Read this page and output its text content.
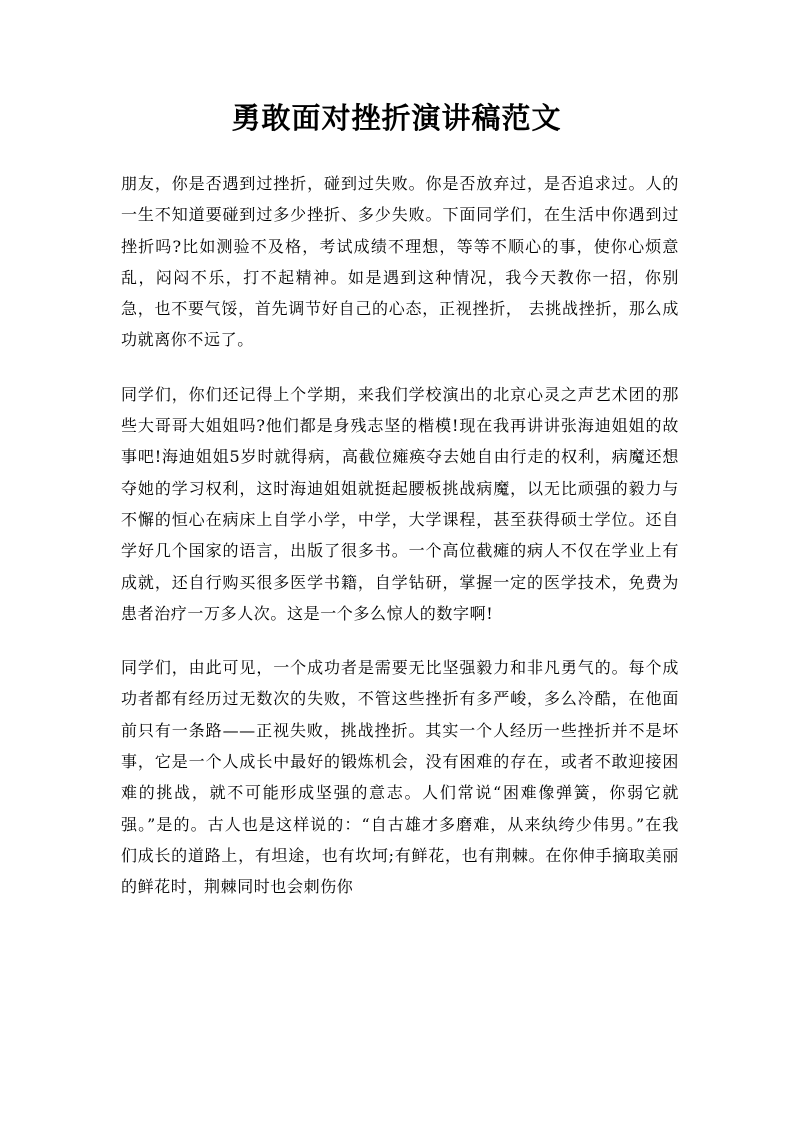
勇敢面对挫折演讲稿范文

朋友，你是否遇到过挫折，碰到过失败。你是否放弃过，是否追求过。人的一生不知道要碰到过多少挫折、多少失败。下面同学们，在生活中你遇到过挫折吗?比如测验不及格，考试成绩不理想，等等不顺心的事，使你心烦意乱，闷闷不乐，打不起精神。如是遇到这种情况，我今天教你一招，你别急，也不要气馁，首先调节好自己的心态，正视挫折， 去挑战挫折，那么成功就离你不远了。

同学们，你们还记得上个学期，来我们学校演出的北京心灵之声艺术团的那些大哥哥大姐姐吗?他们都是身残志坚的楷模!现在我再讲讲张海迪姐姐的故事吧!海迪姐姐5岁时就得病，高截位瘫痪夺去她自由行走的权利，病魔还想夺她的学习权利，这时海迪姐姐就挺起腰板挑战病魔，以无比顽强的毅力与不懈的恒心在病床上自学小学，中学，大学课程，甚至获得硕士学位。还自学好几个国家的语言，出版了很多书。一个高位截瘫的病人不仅在学业上有成就，还自行购买很多医学书籍，自学钻研，掌握一定的医学技术，免费为患者治疗一万多人次。这是一个多么惊人的数字啊!

同学们，由此可见，一个成功者是需要无比坚强毅力和非凡勇气的。每个成功者都有经历过无数次的失败，不管这些挫折有多严峻，多么冷酷，在他面前只有一条路——正视失败，挑战挫折。其实一个人经历一些挫折并不是坏事，它是一个人成长中最好的锻炼机会，没有困难的存在，或者不敢迎接困难的挑战，就不可能形成坚强的意志。人们常说“困难像弹簧，你弱它就强。”是的。古人也是这样说的：“自古雄才多磨难，从来纨绔少伟男。”在我们成长的道路上，有坦途，也有坎坷;有鲜花，也有荆棘。在你伸手摘取美丽的鲜花时，荆棘同时也会刺伤你
